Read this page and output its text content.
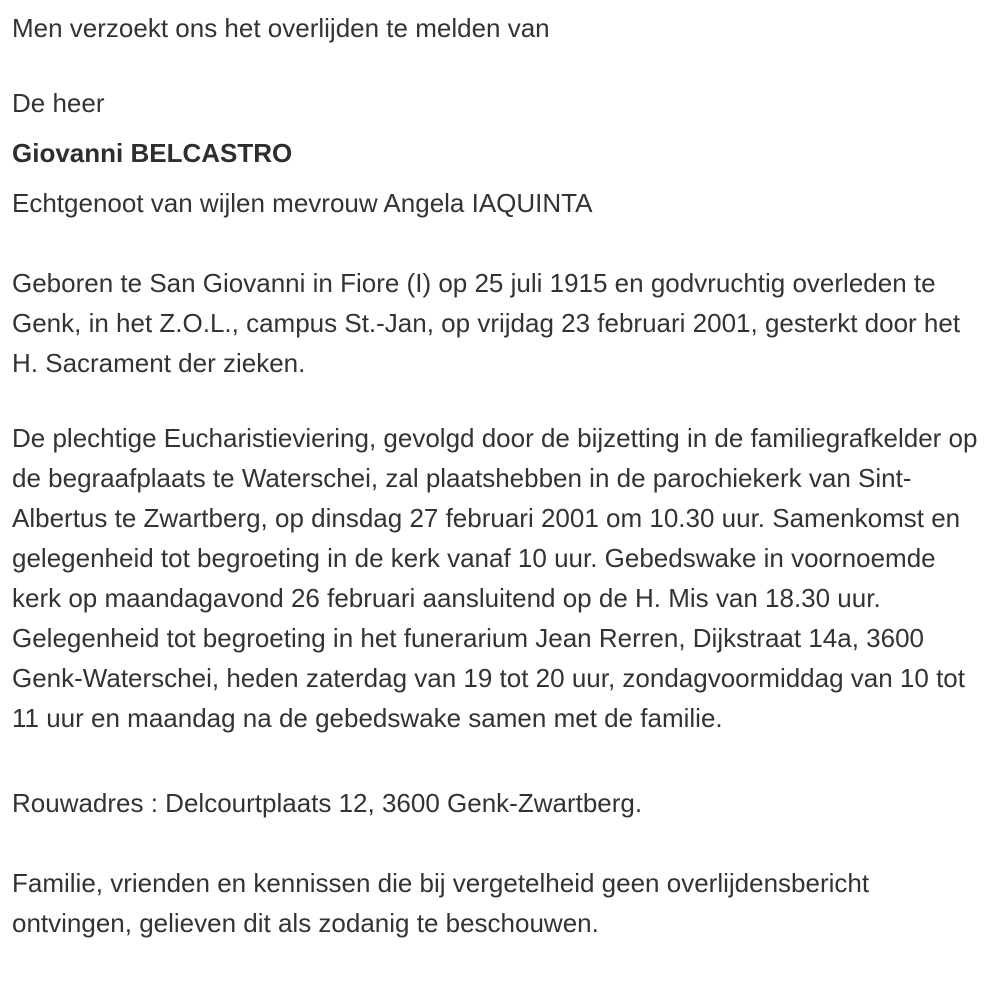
Men verzoekt ons het overlijden te melden van

De heer

Giovanni BELCASTRO

Echtgenoot van wijlen mevrouw Angela IAQUINTA

Geboren te San Giovanni in Fiore (I) op 25 juli 1915 en godvruchtig overleden te Genk, in het Z.O.L., campus St.-Jan, op vrijdag 23 februari 2001, gesterkt door het H. Sacrament der zieken.

De plechtige Eucharistieviering, gevolgd door de bijzetting in de familiegrafkelder op de begraafplaats te Waterschei, zal plaatshebben in de parochiekerk van Sint-Albertus te Zwartberg, op dinsdag 27 februari 2001 om 10.30 uur. Samenkomst en gelegenheid tot begroeting in de kerk vanaf 10 uur. Gebedswake in voornoemde kerk op maandagavond 26 februari aansluitend op de H. Mis van 18.30 uur. Gelegenheid tot begroeting in het funerarium Jean Rerren, Dijkstraat 14a, 3600 Genk-Waterschei, heden zaterdag van 19 tot 20 uur, zondagvoormiddag van 10 tot 11 uur en maandag na de gebedswake samen met de familie.

Rouwadres : Delcourtplaats 12, 3600 Genk-Zwartberg.

Familie, vrienden en kennissen die bij vergetelheid geen overlijdensbericht ontvingen, gelieven dit als zodanig te beschouwen.
